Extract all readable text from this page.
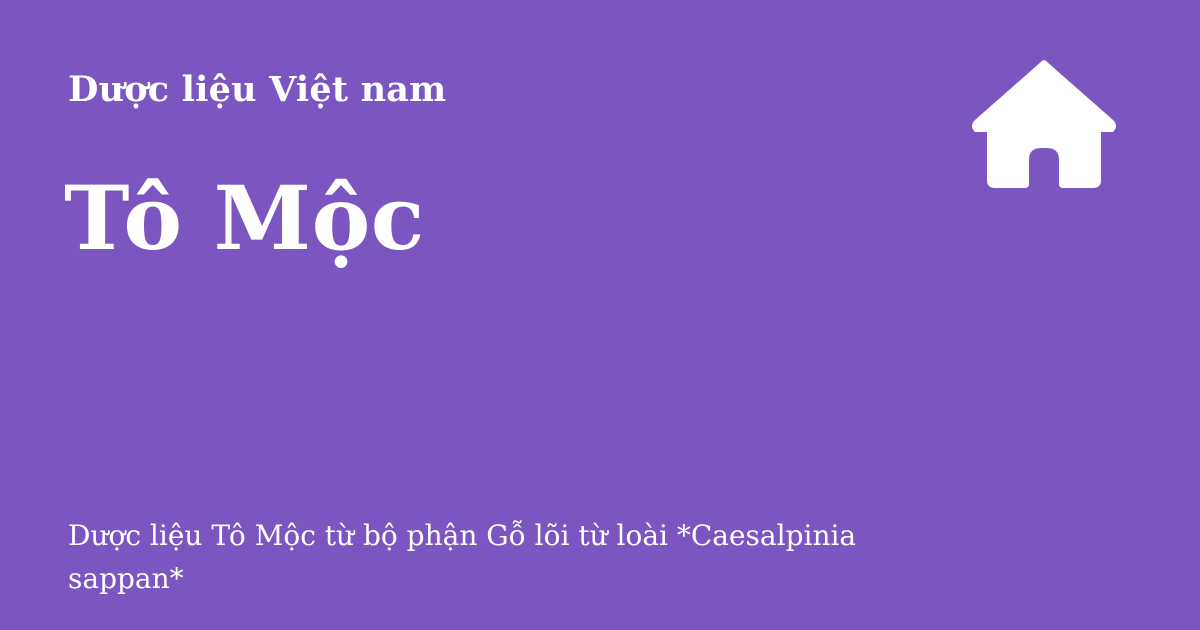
Dược liệu Việt nam
Tô Mộc
Dược liệu Tô Mộc từ bộ phận Gỗ lõi từ loài *Caesalpinia sappan*
